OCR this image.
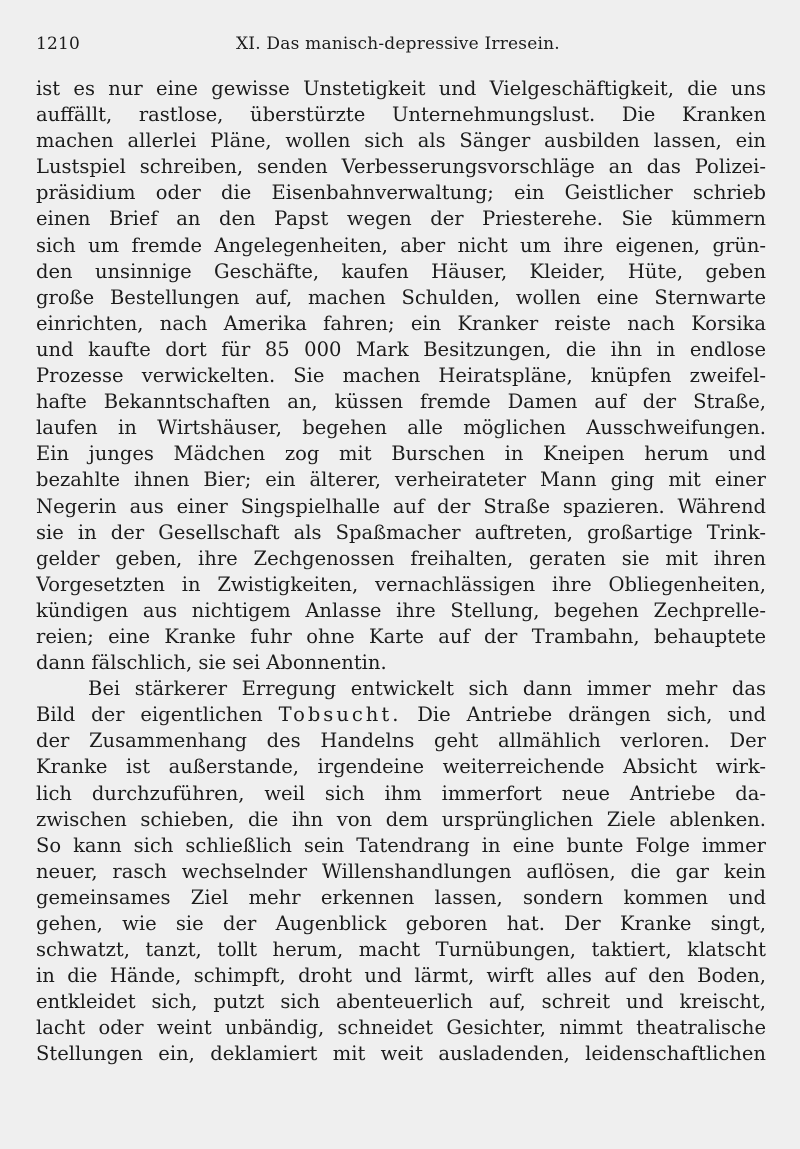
1210	XI. Das manisch-depressive Irresein.
ist es nur eine gewisse Unstetigkeit und Vielgeschäftigkeit, die uns
auffällt, rastlose, überstürzte Unternehmungslust. Die Kranken
machen allerlei Pläne, wollen sich als Sänger ausbilden lassen, ein
Lustspiel schreiben, senden Verbesserungsvorschläge an das Polizei-
präsidium oder die Eisenbahnverwaltung; ein Geistlicher schrieb
einen Brief an den Papst wegen der Priesterehe. Sie kümmern
sich um fremde Angelegenheiten, aber nicht um ihre eigenen, grün-
den unsinnige Geschäfte, kaufen Häuser, Kleider, Hüte, geben
große Bestellungen auf, machen Schulden, wollen eine Sternwarte
einrichten, nach Amerika fahren; ein Kranker reiste nach Korsika
und kaufte dort für 85 000 Mark Besitzungen, die ihn in endlose
Prozesse verwickelten. Sie machen Heiratspläne, knüpfen zweifel-
hafte Bekanntschaften an, küssen fremde Damen auf der Straße,
laufen in Wirtshäuser, begehen alle möglichen Ausschweifungen.
Ein junges Mädchen zog mit Burschen in Kneipen herum und
bezahlte ihnen Bier; ein älterer, verheirateter Mann ging mit einer
Negerin aus einer Singspielhalle auf der Straße spazieren. Während
sie in der Gesellschaft als Spaßmacher auftreten, großartige Trink-
gelder geben, ihre Zechgenossen freihalten, geraten sie mit ihren
Vorgesetzten in Zwistigkeiten, vernachlässigen ihre Obliegenheiten,
kündigen aus nichtigem Anlasse ihre Stellung, begehen Zechprelle-
reien; eine Kranke fuhr ohne Karte auf der Trambahn, behauptete
dann fälschlich, sie sei Abonnentin.
Bei stärkerer Erregung entwickelt sich dann immer mehr das
Bild der eigentlichen Tobsucht. Die Antriebe drängen sich, und
der Zusammenhang des Handelns geht allmählich verloren. Der
Kranke ist außerstande, irgendeine weiterreichende Absicht wirk-
lich durchzuführen, weil sich ihm immerfort neue Antriebe da-
zwischen schieben, die ihn von dem ursprünglichen Ziele ablenken.
So kann sich schließlich sein Tatendrang in eine bunte Folge immer
neuer, rasch wechselnder Willenshandlungen auflösen, die gar kein
gemeinsames Ziel mehr erkennen lassen, sondern kommen und
gehen, wie sie der Augenblick geboren hat. Der Kranke singt,
schwatzt, tanzt, tollt herum, macht Turnübungen, taktiert, klatscht
in die Hände, schimpft, droht und lärmt, wirft alles auf den Boden,
entkleidet sich, putzt sich abenteuerlich auf, schreit und kreischt,
lacht oder weint unbändig, schneidet Gesichter, nimmt theatralische
Stellungen ein, deklamiert mit weit ausladenden, leidenschaftlichen
